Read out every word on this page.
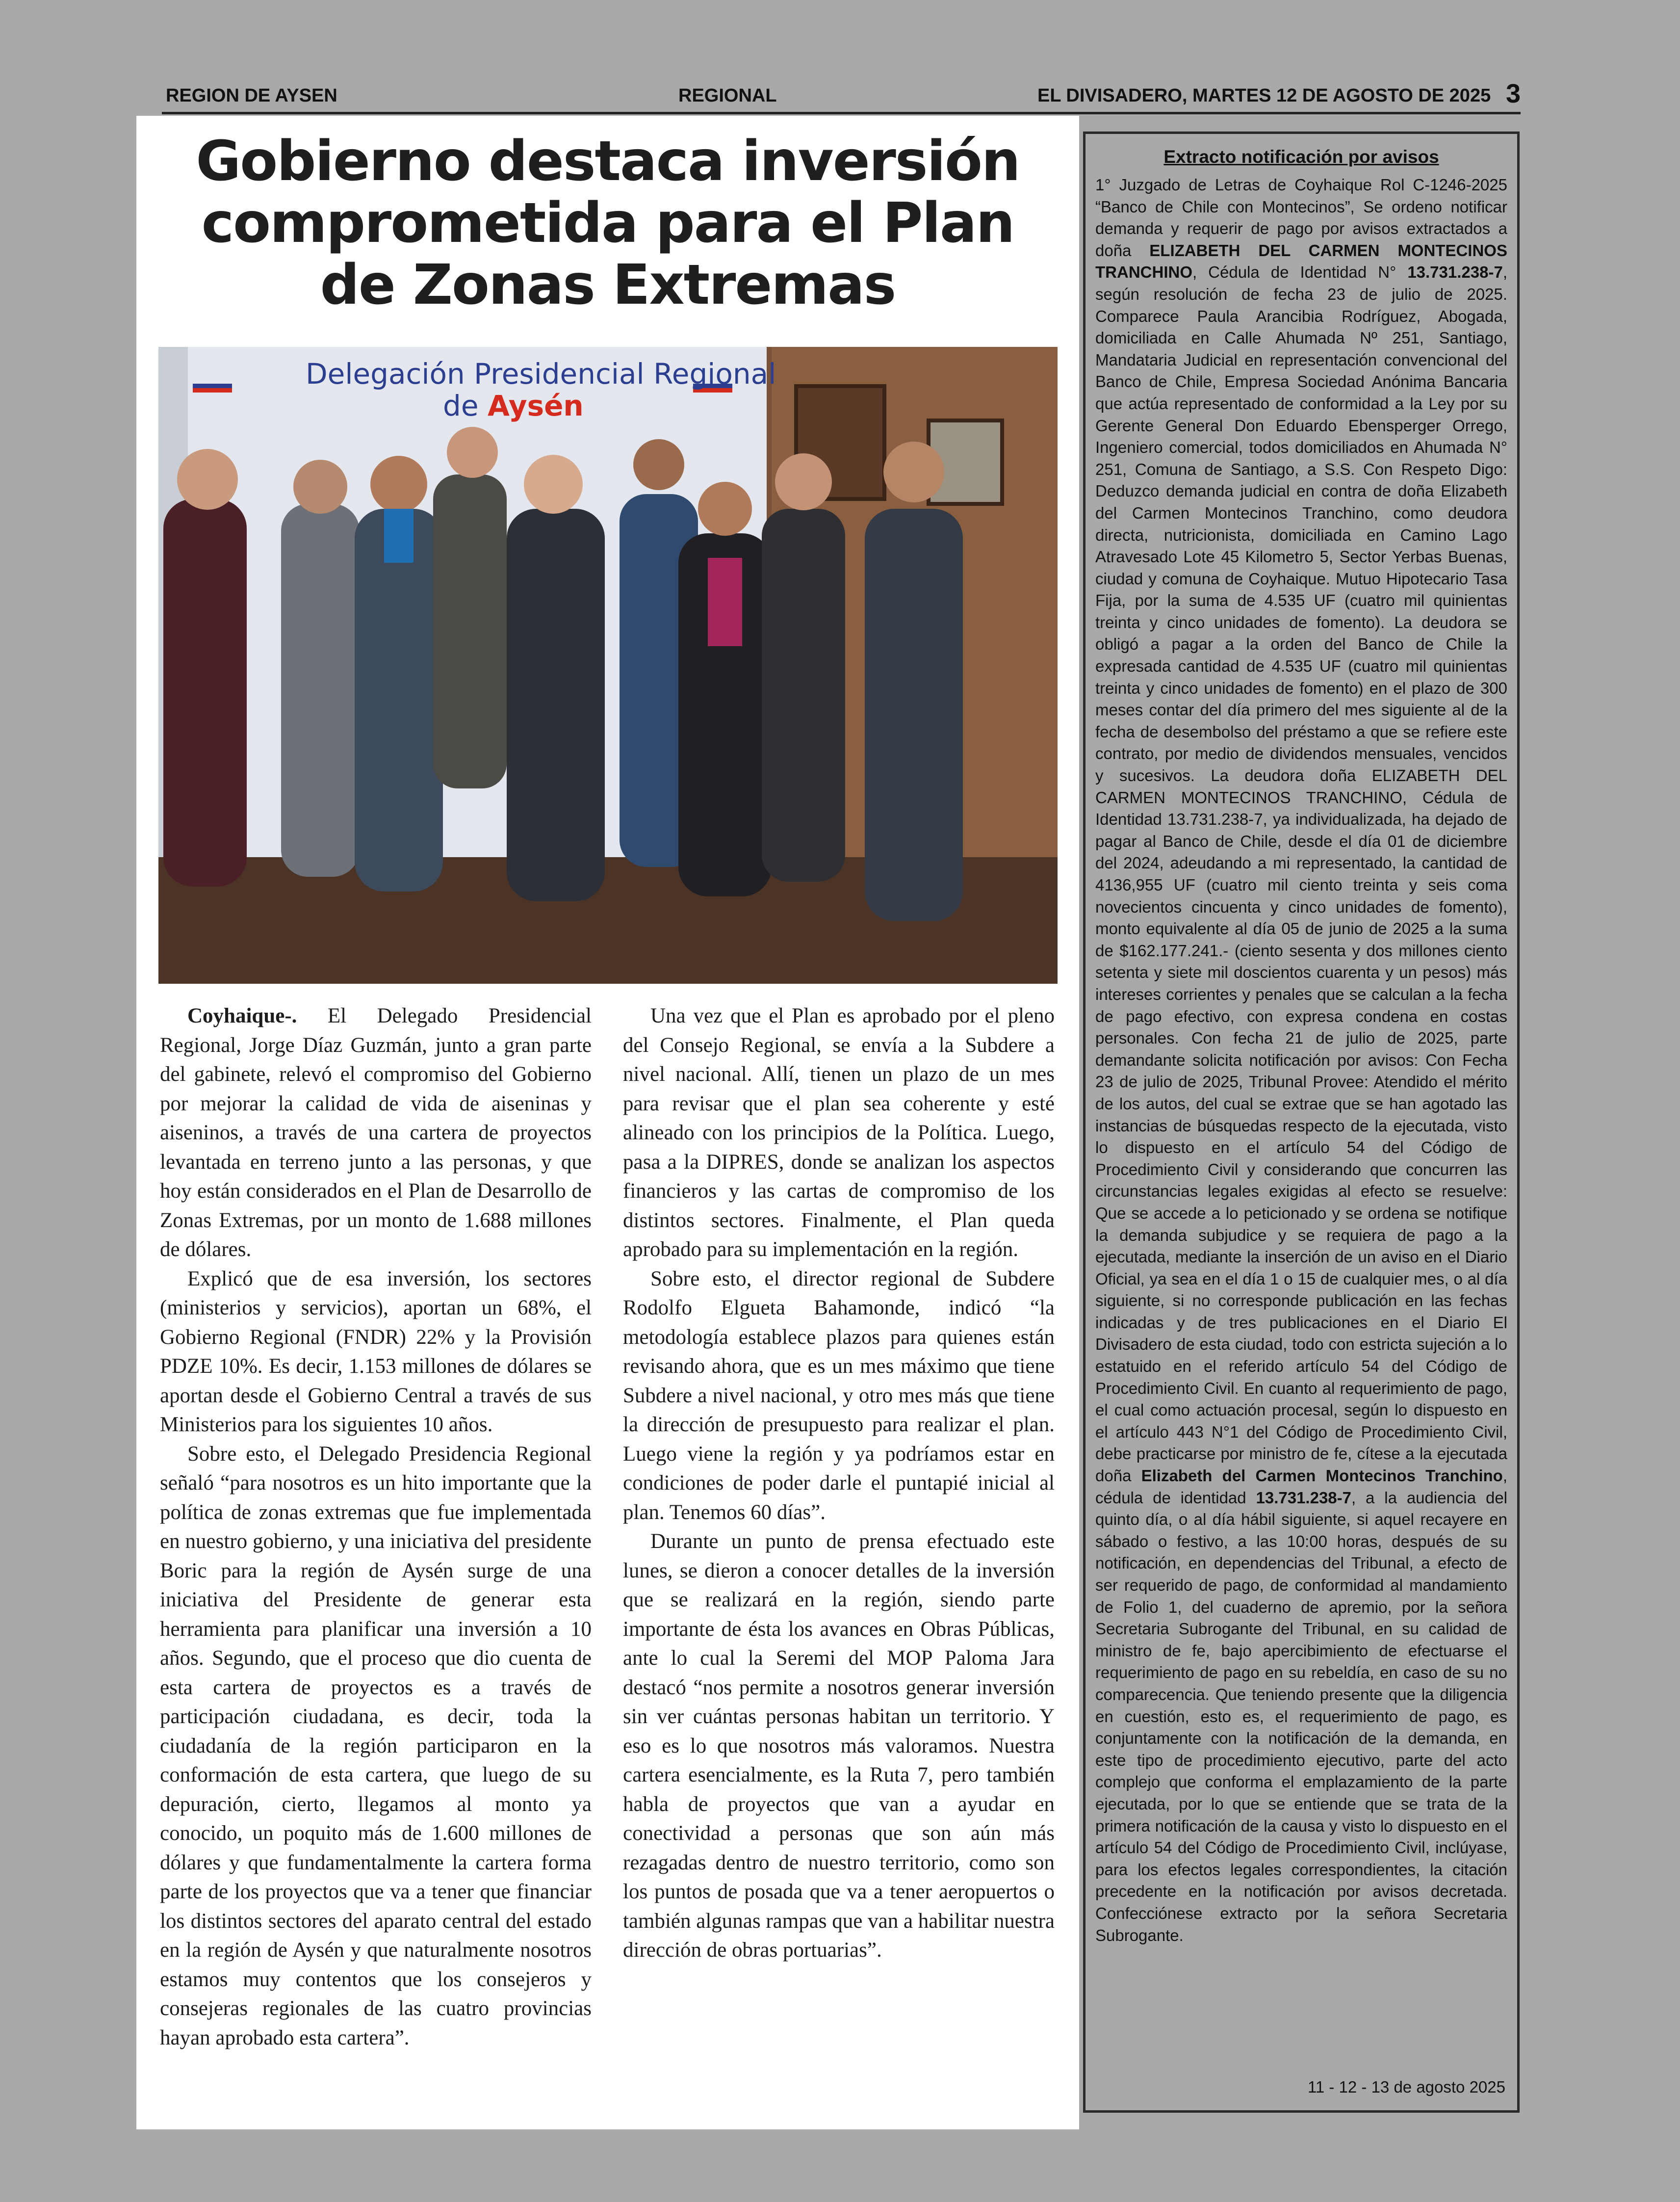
REGION DE AYSEN	REGIONAL	EL DIVISADERO, MARTES 12 DE AGOSTO DE 2025 3
Gobierno destaca inversión comprometida para el Plan de Zonas Extremas
Delegación Presidencial Regional
de Aysén

Coyhaique-. El Delegado Presidencial Regional, Jorge Díaz Guzmán, junto a gran parte del gabinete, relevó el compromiso del Gobierno por mejorar la calidad de vida de aiseninas y aiseninos, a través de una cartera de proyectos levantada en terreno junto a las personas, y que hoy están considerados en el Plan de Desarrollo de Zonas Extremas, por un monto de 1.688 millones de dólares.

Explicó que de esa inversión, los sectores (ministerios y servicios), aportan un 68%, el Gobierno Regional (FNDR) 22% y la Provisión PDZE 10%. Es decir, 1.153 millones de dólares se aportan desde el Gobierno Central a través de sus Ministerios para los siguientes 10 años.

Sobre esto, el Delegado Presidencia Regional señaló “para nosotros es un hito importante que la política de zonas extremas que fue implementada en nuestro gobierno, y una iniciativa del presidente Boric para la región de Aysén surge de una iniciativa del Presidente de generar esta herramienta para planificar una inversión a 10 años. Segundo, que el proceso que dio cuenta de esta cartera de proyectos es a través de participación ciudadana, es decir, toda la ciudadanía de la región participaron en la conformación de esta cartera, que luego de su depuración, cierto, llegamos al monto ya conocido, un poquito más de 1.600 millones de dólares y que fundamentalmente la cartera forma parte de los proyectos que va a tener que financiar los distintos sectores del aparato central del estado en la región de Aysén y que naturalmente nosotros estamos muy contentos que los consejeros y consejeras regionales de las cuatro provincias hayan aprobado esta cartera”.

Una vez que el Plan es aprobado por el pleno del Consejo Regional, se envía a la Subdere a nivel nacional. Allí, tienen un plazo de un mes para revisar que el plan sea coherente y esté alineado con los principios de la Política. Luego, pasa a la DIPRES, donde se analizan los aspectos financieros y las cartas de compromiso de los distintos sectores. Finalmente, el Plan queda aprobado para su implementación en la región.

Sobre esto, el director regional de Subdere Rodolfo Elgueta Bahamonde, indicó “la metodología establece plazos para quienes están revisando ahora, que es un mes máximo que tiene Subdere a nivel nacional, y otro mes más que tiene la dirección de presupuesto para realizar el plan. Luego viene la región y ya podríamos estar en condiciones de poder darle el puntapié inicial al plan. Tenemos 60 días”.

Durante un punto de prensa efectuado este lunes, se dieron a conocer detalles de la inversión que se realizará en la región, siendo parte importante de ésta los avances en Obras Públicas, ante lo cual la Seremi del MOP Paloma Jara destacó “nos permite a nosotros generar inversión sin ver cuántas personas habitan un territorio. Y eso es lo que nosotros más valoramos. Nuestra cartera esencialmente, es la Ruta 7, pero también habla de proyectos que van a ayudar en conectividad a personas que son aún más rezagadas dentro de nuestro territorio, como son los puntos de posada que va a tener aeropuertos o también algunas rampas que van a habilitar nuestra dirección de obras portuarias”.

Extracto notificación por avisos

1° Juzgado de Letras de Coyhaique Rol C-1246-2025 “Banco de Chile con Montecinos”, Se ordeno notificar demanda y requerir de pago por avisos extractados a doña ELIZABETH DEL CARMEN MONTECINOS TRANCHINO, Cédula de Identidad N° 13.731.238-7, según resolución de fecha 23 de julio de 2025. Comparece Paula Arancibia Rodríguez, Abogada, domiciliada en Calle Ahumada Nº 251, Santiago, Mandataria Judicial en representación convencional del Banco de Chile, Empresa Sociedad Anónima Bancaria que actúa representado de conformidad a la Ley por su Gerente General Don Eduardo Ebensperger Orrego, Ingeniero comercial, todos domiciliados en Ahumada N° 251, Comuna de Santiago, a S.S. Con Respeto Digo: Deduzco demanda judicial en contra de doña Elizabeth del Carmen Montecinos Tranchino, como deudora directa, nutricionista, domiciliada en Camino Lago Atravesado Lote 45 Kilometro 5, Sector Yerbas Buenas, ciudad y comuna de Coyhaique. Mutuo Hipotecario Tasa Fija, por la suma de 4.535 UF (cuatro mil quinientas treinta y cinco unidades de fomento). La deudora se obligó a pagar a la orden del Banco de Chile la expresada cantidad de 4.535 UF (cuatro mil quinientas treinta y cinco unidades de fomento) en el plazo de 300 meses contar del día primero del mes siguiente al de la fecha de desembolso del préstamo a que se refiere este contrato, por medio de dividendos mensuales, vencidos y sucesivos. La deudora doña ELIZABETH DEL CARMEN MONTECINOS TRANCHINO, Cédula de Identidad 13.731.238-7, ya individualizada, ha dejado de pagar al Banco de Chile, desde el día 01 de diciembre del 2024, adeudando a mi representado, la cantidad de 4136,955 UF (cuatro mil ciento treinta y seis coma novecientos cincuenta y cinco unidades de fomento), monto equivalente al día 05 de junio de 2025 a la suma de $162.177.241.- (ciento sesenta y dos millones ciento setenta y siete mil doscientos cuarenta y un pesos) más intereses corrientes y penales que se calculan a la fecha de pago efectivo, con expresa condena en costas personales. Con fecha 21 de julio de 2025, parte demandante solicita notificación por avisos: Con Fecha 23 de julio de 2025, Tribunal Provee: Atendido el mérito de los autos, del cual se extrae que se han agotado las instancias de búsquedas respecto de la ejecutada, visto lo dispuesto en el artículo 54 del Código de Procedimiento Civil y considerando que concurren las circunstancias legales exigidas al efecto se resuelve: Que se accede a lo peticionado y se ordena se notifique la demanda subjudice y se requiera de pago a la ejecutada, mediante la inserción de un aviso en el Diario Oficial, ya sea en el día 1 o 15 de cualquier mes, o al día siguiente, si no corresponde publicación en las fechas indicadas y de tres publicaciones en el Diario El Divisadero de esta ciudad, todo con estricta sujeción a lo estatuido en el referido artículo 54 del Código de Procedimiento Civil. En cuanto al requerimiento de pago, el cual como actuación procesal, según lo dispuesto en el artículo 443 N°1 del Código de Procedimiento Civil, debe practicarse por ministro de fe, cítese a la ejecutada doña Elizabeth del Carmen Montecinos Tranchino, cédula de identidad 13.731.238-7, a la audiencia del quinto día, o al día hábil siguiente, si aquel recayere en sábado o festivo, a las 10:00 horas, después de su notificación, en dependencias del Tribunal, a efecto de ser requerido de pago, de conformidad al mandamiento de Folio 1, del cuaderno de apremio, por la señora Secretaria Subrogante del Tribunal, en su calidad de ministro de fe, bajo apercibimiento de efectuarse el requerimiento de pago en su rebeldía, en caso de su no comparecencia. Que teniendo presente que la diligencia en cuestión, esto es, el requerimiento de pago, es conjuntamente con la notificación de la demanda, en este tipo de procedimiento ejecutivo, parte del acto complejo que conforma el emplazamiento de la parte ejecutada, por lo que se entiende que se trata de la primera notificación de la causa y visto lo dispuesto en el artículo 54 del Código de Procedimiento Civil, inclúyase, para los efectos legales correspondientes, la citación precedente en la notificación por avisos decretada. Confecciónese extracto por la señora Secretaria Subrogante.

11 - 12 - 13 de agosto 2025
